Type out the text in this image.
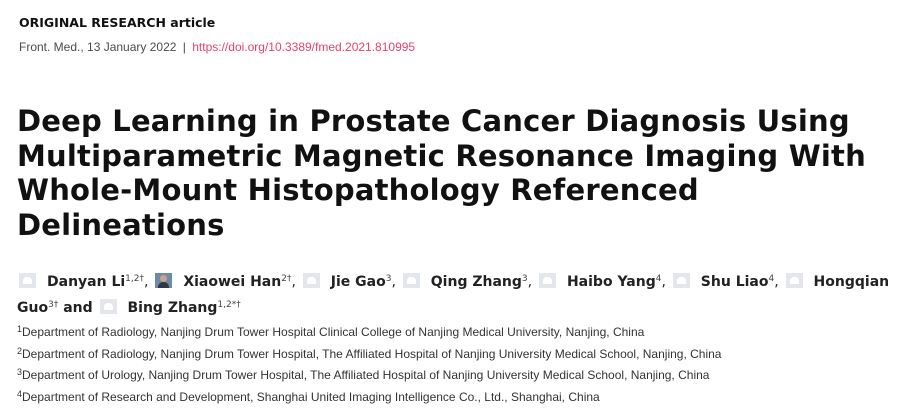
ORIGINAL RESEARCH article
Front. Med., 13 January 2022 | https://doi.org/10.3389/fmed.2021.810995
Deep Learning in Prostate Cancer Diagnosis Using Multiparametric Magnetic Resonance Imaging With Whole-Mount Histopathology Referenced Delineations
Danyan Li$^{1,2\dagger}$, Xiaowei Han$^{2\dagger}$, Jie Gao$^3$, Qing Zhang$^3$, Haibo Yang$^4$, Shu Liao$^4$, Hongqian Guo$^{3\dagger}$ and Bing Zhang$^{1,2*\dagger}$
$^1$Department of Radiology, Nanjing Drum Tower Hospital Clinical College of Nanjing Medical University, Nanjing, China
$^2$Department of Radiology, Nanjing Drum Tower Hospital, The Affiliated Hospital of Nanjing University Medical School, Nanjing, China
$^3$Department of Urology, Nanjing Drum Tower Hospital, The Affiliated Hospital of Nanjing University Medical School, Nanjing, China
$^4$Department of Research and Development, Shanghai United Imaging Intelligence Co., Ltd., Shanghai, China
